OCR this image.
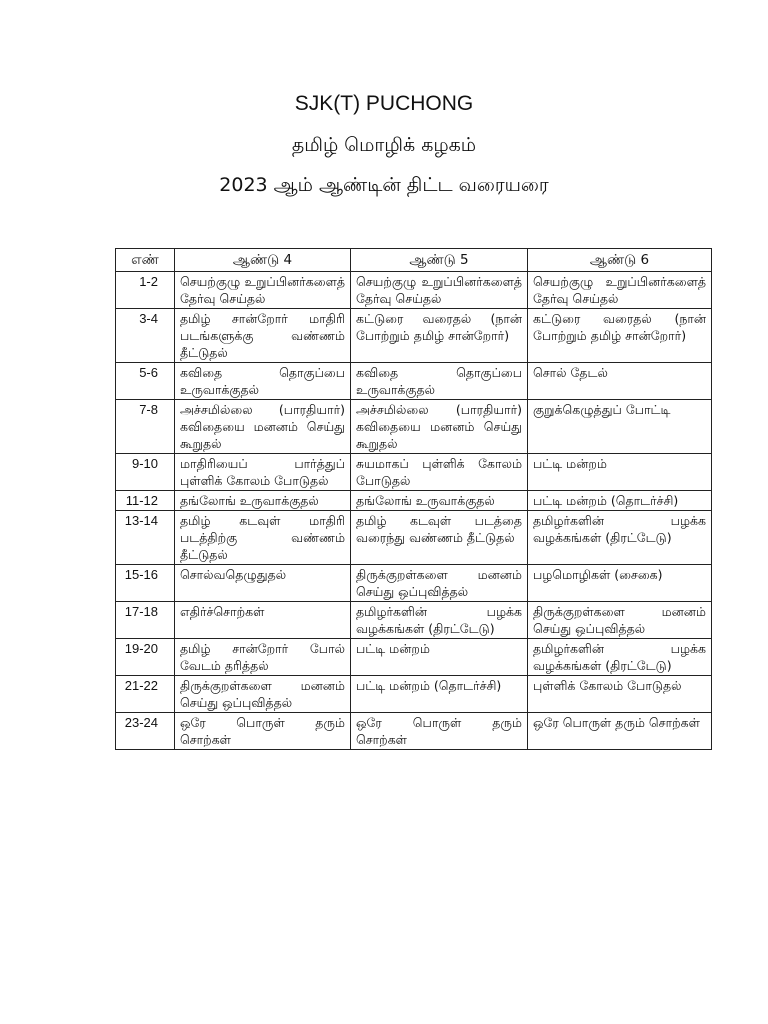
SJK(T) PUCHONG
தமிழ் மொழிக் கழகம்
2023 ஆம் ஆண்டின் திட்ட வரையரை
எண்	ஆண்டு 4	ஆண்டு 5	ஆண்டு 6
1-2	செயற்குழு உறுப்பினர்களைத் தேர்வு செய்தல்	செயற்குழு உறுப்பினர்களைத் தேர்வு செய்தல்	செயற்குழு உறுப்பினர்களைத் தேர்வு செய்தல்
3-4	தமிழ் சான்றோர் மாதிரி படங்களுக்கு வண்ணம் தீட்டுதல்	கட்டுரை வரைதல் (நான் போற்றும் தமிழ் சான்றோர்)	கட்டுரை வரைதல் (நான் போற்றும் தமிழ் சான்றோர்)
5-6	கவிதை தொகுப்பை உருவாக்குதல்	கவிதை தொகுப்பை உருவாக்குதல்	சொல் தேடல்
7-8	அச்சமில்லை (பாரதியார்) கவிதையை மனனம் செய்து கூறுதல்	அச்சமில்லை (பாரதியார்) கவிதையை மனனம் செய்து கூறுதல்	குறுக்கெழுத்துப் போட்டி
9-10	மாதிரியைப் பார்த்துப் புள்ளிக் கோலம் போடுதல்	சுயமாகப் புள்ளிக் கோலம் போடுதல்	பட்டி மன்றம்
11-12	தங்லோங் உருவாக்குதல்	தங்லோங் உருவாக்குதல்	பட்டி மன்றம் (தொடர்ச்சி)
13-14	தமிழ் கடவுள் மாதிரி படத்திற்கு வண்ணம் தீட்டுதல்	தமிழ் கடவுள் படத்தை வரைந்து வண்ணம் தீட்டுதல்	தமிழர்களின் பழக்க வழக்கங்கள் (திரட்டேடு)
15-16	சொல்வதெழுதுதல்	திருக்குறள்களை மனனம் செய்து ஒப்புவித்தல்	பழமொழிகள் (சைகை)
17-18	எதிர்ச்சொற்கள்	தமிழர்களின் பழக்க வழக்கங்கள் (திரட்டேடு)	திருக்குறள்களை மனனம் செய்து ஒப்புவித்தல்
19-20	தமிழ் சான்றோர் போல் வேடம் தரித்தல்	பட்டி மன்றம்	தமிழர்களின் பழக்க வழக்கங்கள் (திரட்டேடு)
21-22	திருக்குறள்களை மனனம் செய்து ஒப்புவித்தல்	பட்டி மன்றம் (தொடர்ச்சி)	புள்ளிக் கோலம் போடுதல்
23-24	ஒரே பொருள் தரும் சொற்கள்	ஒரே பொருள் தரும் சொற்கள்	ஒரே பொருள் தரும் சொற்கள்
